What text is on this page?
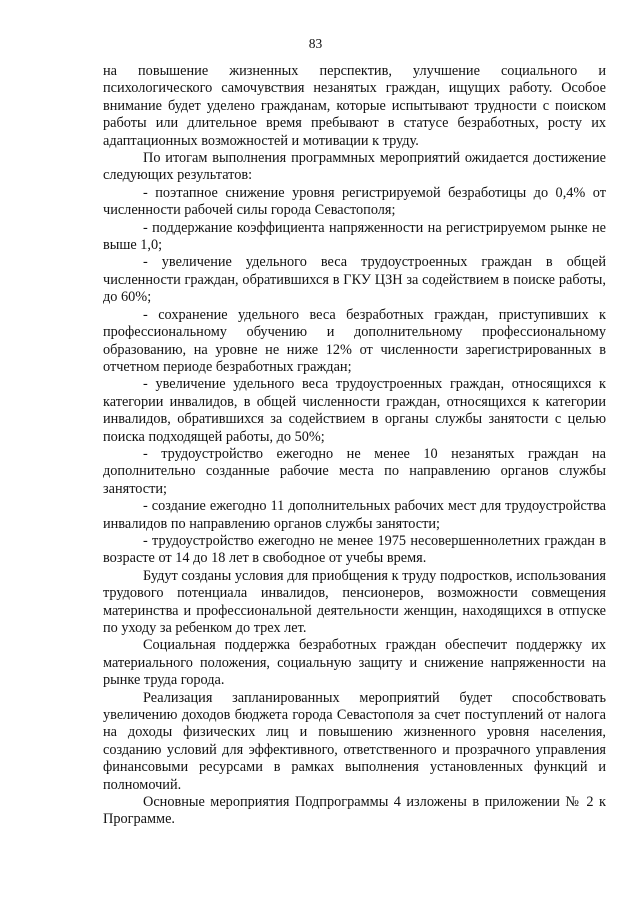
83

на повышение жизненных перспектив, улучшение социального и психологического самочувствия незанятых граждан, ищущих работу. Особое внимание будет уделено гражданам, которые испытывают трудности с поиском работы или длительное время пребывают в статусе безработных, росту их адаптационных возможностей и мотивации к труду.

По итогам выполнения программных мероприятий ожидается достижение следующих результатов:

- поэтапное снижение уровня регистрируемой безработицы до 0,4% от численности рабочей силы города Севастополя;

- поддержание коэффициента напряженности на регистрируемом рынке не выше 1,0;

- увеличение удельного веса трудоустроенных граждан в общей численности граждан, обратившихся в ГКУ ЦЗН за содействием в поиске работы, до 60%;

- сохранение удельного веса безработных граждан, приступивших к профессиональному обучению и дополнительному профессиональному образованию, на уровне не ниже 12% от численности зарегистрированных в отчетном периоде безработных граждан;

- увеличение удельного веса трудоустроенных граждан, относящихся к категории инвалидов, в общей численности граждан, относящихся к категории инвалидов, обратившихся за содействием в органы службы занятости с целью поиска подходящей работы, до 50%;

- трудоустройство ежегодно не менее 10 незанятых граждан на дополнительно созданные рабочие места по направлению органов службы занятости;

- создание ежегодно 11 дополнительных рабочих мест для трудоустройства инвалидов по направлению органов службы занятости;

- трудоустройство ежегодно не менее 1975 несовершеннолетних граждан в возрасте от 14 до 18 лет в свободное от учебы время.

Будут созданы условия для приобщения к труду подростков, использования трудового потенциала инвалидов, пенсионеров, возможности совмещения материнства и профессиональной деятельности женщин, находящихся в отпуске по уходу за ребенком до трех лет.

Социальная поддержка безработных граждан обеспечит поддержку их материального положения, социальную защиту и снижение напряженности на рынке труда города.

Реализация запланированных мероприятий будет способствовать увеличению доходов бюджета города Севастополя за счет поступлений от налога на доходы физических лиц и повышению жизненного уровня населения, созданию условий для эффективного, ответственного и прозрачного управления финансовыми ресурсами в рамках выполнения установленных функций и полномочий.

Основные мероприятия Подпрограммы 4 изложены в приложении № 2 к Программе.
